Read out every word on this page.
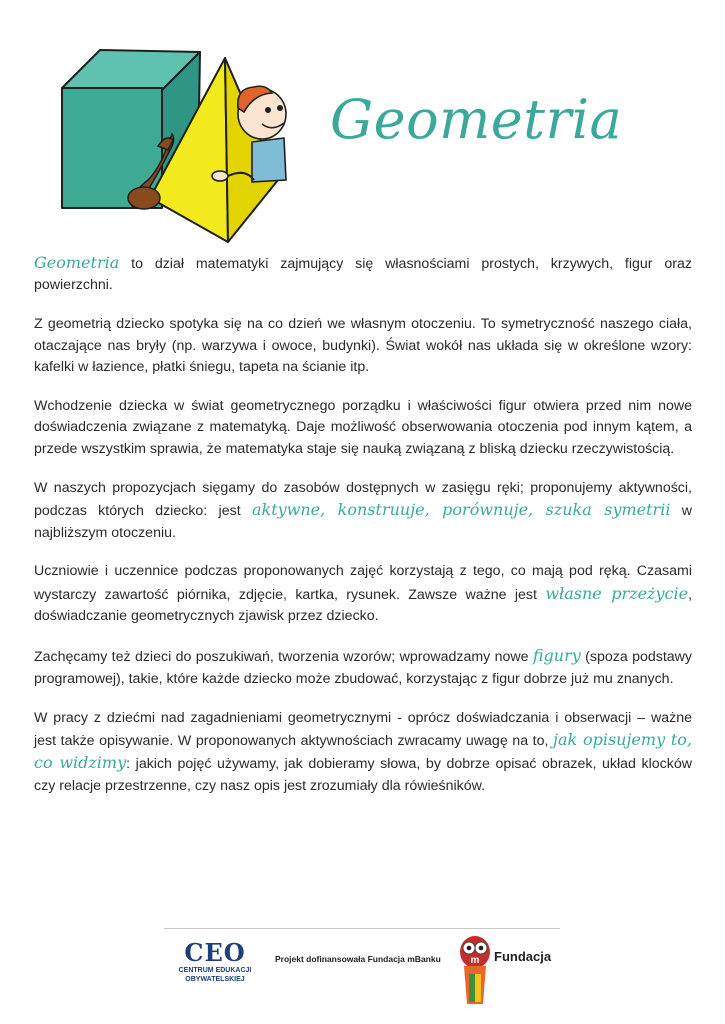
Geometria

Geometria to dział matematyki zajmujący się własnościami prostych, krzywych, figur oraz powierzchni.

Z geometrią dziecko spotyka się na co dzień we własnym otoczeniu. To symetryczność naszego ciała, otaczające nas bryły (np. warzywa i owoce, budynki). Świat wokół nas układa się w określone wzory: kafelki w łazience, płatki śniegu, tapeta na ścianie itp.

Wchodzenie dziecka w świat geometrycznego porządku i właściwości figur otwiera przed nim nowe doświadczenia związane z matematyką. Daje możliwość obserwowania otoczenia pod innym kątem, a przede wszystkim sprawia, że matematyka staje się nauką związaną z bliską dziecku rzeczywistością.

W naszych propozycjach sięgamy do zasobów dostępnych w zasięgu ręki; proponujemy aktywności, podczas których dziecko: jest aktywne, konstruuje, porównuje, szuka symetrii w najbliższym otoczeniu.

Uczniowie i uczennice podczas proponowanych zajęć korzystają z tego, co mają pod ręką. Czasami wystarczy zawartość piórnika, zdjęcie, kartka, rysunek. Zawsze ważne jest własne przeżycie, doświadczanie geometrycznych zjawisk przez dziecko.

Zachęcamy też dzieci do poszukiwań, tworzenia wzorów; wprowadzamy nowe figury (spoza podstawy programowej), takie, które każde dziecko może zbudować, korzystając z figur dobrze już mu znanych.

W pracy z dziećmi nad zagadnieniami geometrycznymi - oprócz doświadczania i obserwacji – ważne jest także opisywanie. W proponowanych aktywnościach zwracamy uwagę na to, jak opisujemy to, co widzimy: jakich pojęć używamy, jak dobieramy słowa, by dobrze opisać obrazek, układ klocków czy relacje przestrzenne, czy nasz opis jest zrozumiały dla rówieśników.

CEO
CENTRUM EDUKACJI
OBYWATELSKIEJ
Projekt dofinansowała Fundacja mBanku	m Fundacja
